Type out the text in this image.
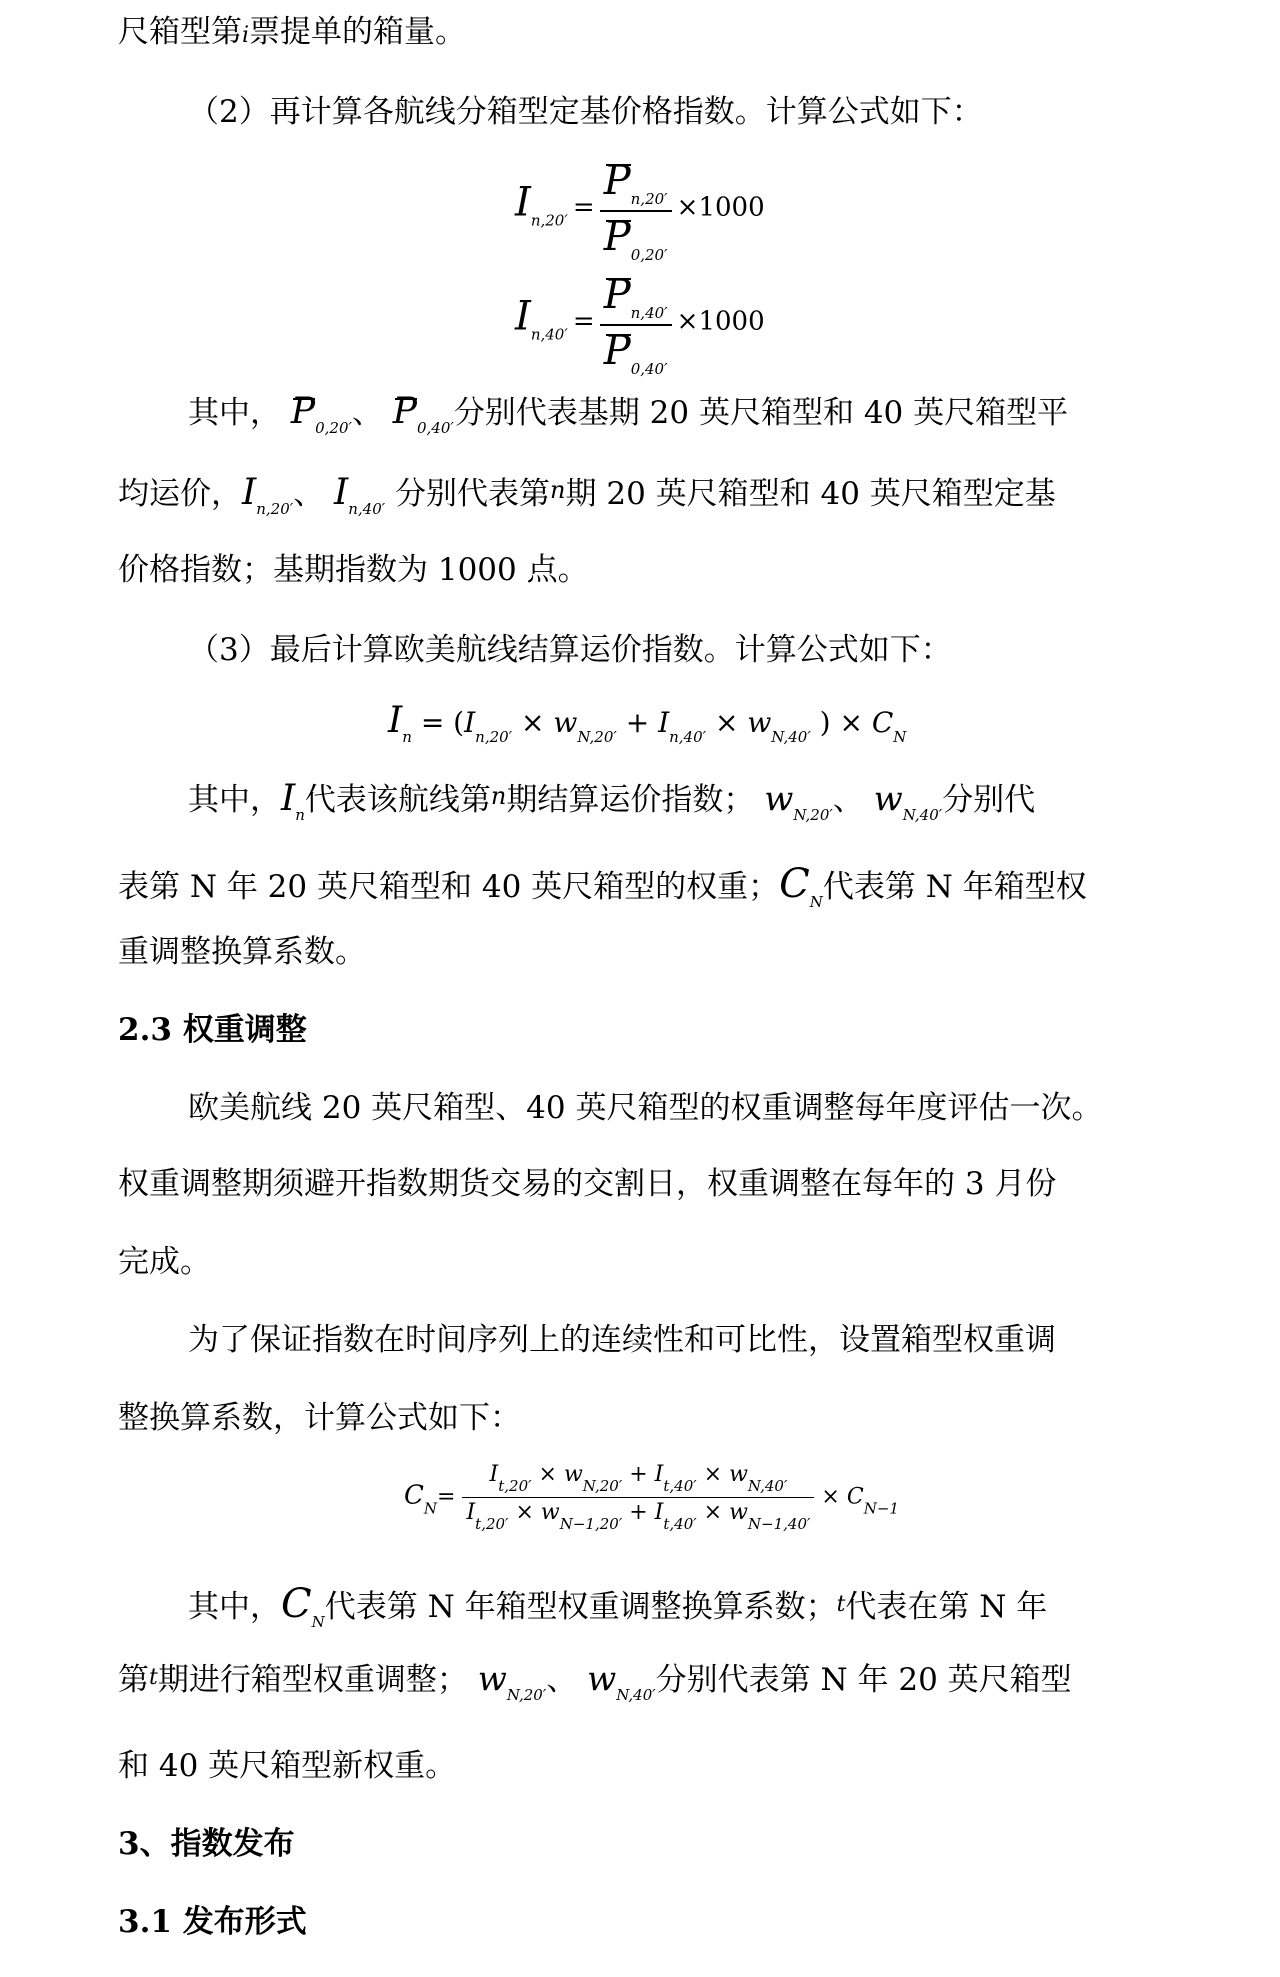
尺箱型第i票提单的箱量。
（2）再计算各航线分箱型定基价格指数。计算公式如下：
$In,20' = \frac{Pn,20'}{P0,20'} \times 1000$
$In,40' = \frac{Pn,40'}{P0,40'} \times 1000$
其中， $P_{0,20'}$、 $P_{0,40'}$分别代表基期 20 英尺箱型和 40 英尺箱型平
均运价，$I_{n,20'}$、 $I_{n,40'}$ 分别代表第n期 20 英尺箱型和 40 英尺箱型定基
价格指数；基期指数为 1000 点。
（3）最后计算欧美航线结算运价指数。计算公式如下：
$I_n = (I_{n,20'} \times w_{N,20'} + I_{n,40'} \times w_{N,40'}$ ) × $C_N$
其中，$I_n$代表该航线第n期结算运价指数； $w_{N,20'}$、 $w_{N,40'}$分别代
表第 N 年 20 英尺箱型和 40 英尺箱型的权重；$C_N$代表第 N 年箱型权
重调整换算系数。
2.3 权重调整
欧美航线 20 英尺箱型、40 英尺箱型的权重调整每年度评估一次。
权重调整期须避开指数期货交易的交割日，权重调整在每年的 3 月份
完成。
为了保证指数在时间序列上的连续性和可比性，设置箱型权重调
整换算系数，计算公式如下：
$C_N= \frac{I_{t,20'} \times w_{N,20'} + I_{t,40'} \times w_{N,40'}}{I_{t,20'} \times w_{N-1,20'} + I_{t,40'} \times w_{N-1,40'}} \times C_{N-1}$
其中，$C_N$代表第 N 年箱型权重调整换算系数；t代表在第 N 年
第t期进行箱型权重调整； $w_{N,20'}$、 $w_{N,40'}$分别代表第 N 年 20 英尺箱型
和 40 英尺箱型新权重。
3、指数发布
3.1 发布形式
